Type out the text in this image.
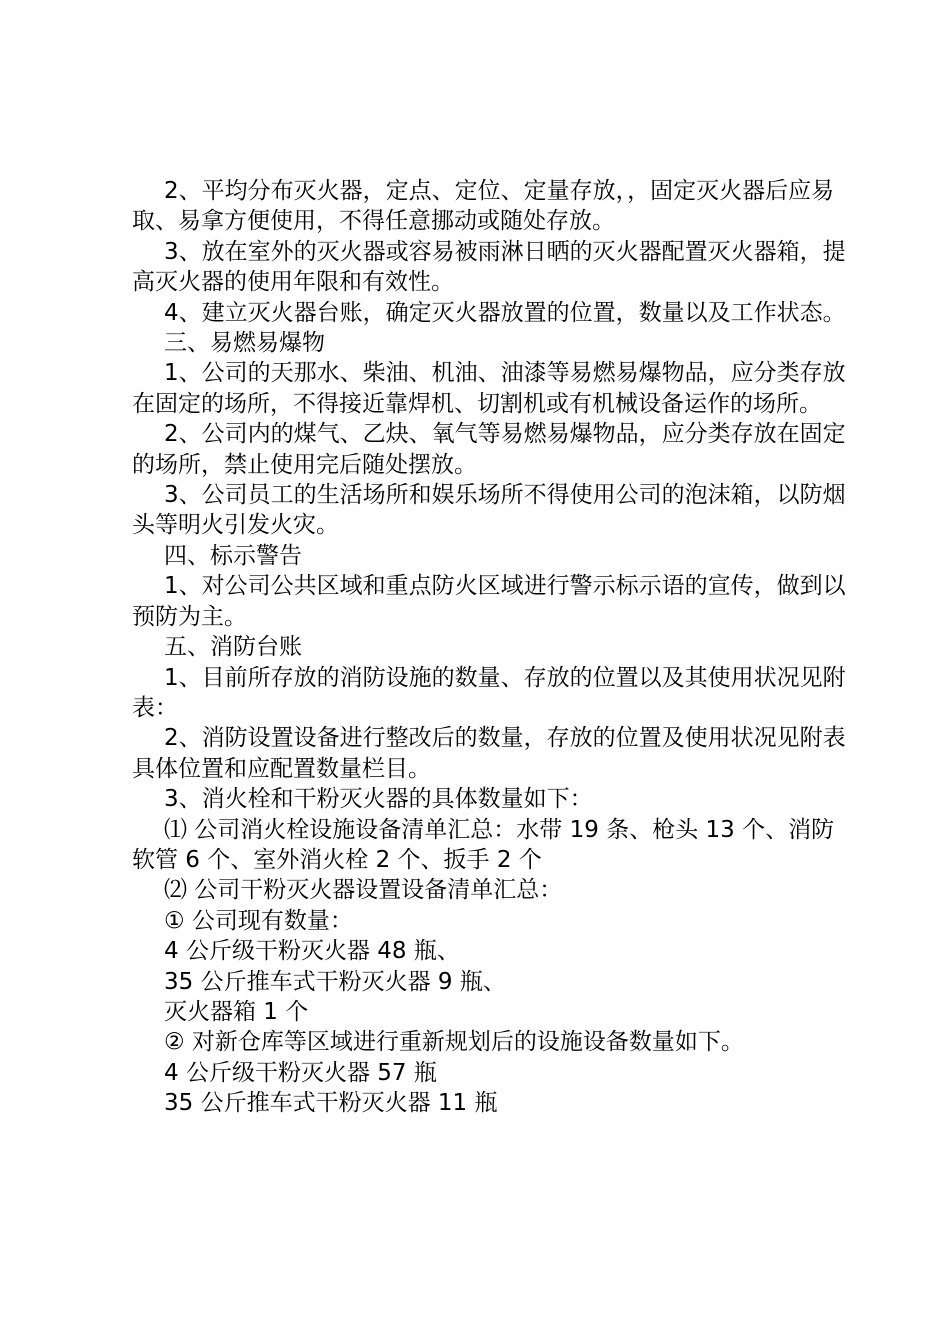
2、平均分布灭火器，定点、定位、定量存放，，固定灭火器后应易取、易拿方便使用，不得任意挪动或随处存放。

3、放在室外的灭火器或容易被雨淋日晒的灭火器配置灭火器箱，提高灭火器的使用年限和有效性。

4、建立灭火器台账，确定灭火器放置的位置，数量以及工作状态。

三、易燃易爆物

1、公司的天那水、柴油、机油、油漆等易燃易爆物品，应分类存放在固定的场所，不得接近靠焊机、切割机或有机械设备运作的场所。

2、公司内的煤气、乙炔、氧气等易燃易爆物品，应分类存放在固定的场所，禁止使用完后随处摆放。

3、公司员工的生活场所和娱乐场所不得使用公司的泡沫箱，以防烟头等明火引发火灾。

四、标示警告

1、对公司公共区域和重点防火区域进行警示标示语的宣传，做到以预防为主。

五、消防台账

1、目前所存放的消防设施的数量、存放的位置以及其使用状况见附表：

2、消防设置设备进行整改后的数量，存放的位置及使用状况见附表具体位置和应配置数量栏目。

3、消火栓和干粉灭火器的具体数量如下：

⑴ 公司消火栓设施设备清单汇总：水带 19 条、枪头 13 个、消防软管 6 个、室外消火栓 2 个、扳手 2 个

⑵ 公司干粉灭火器设置设备清单汇总：

① 公司现有数量：

4 公斤级干粉灭火器 48 瓶、

35 公斤推车式干粉灭火器 9 瓶、

灭火器箱 1 个

② 对新仓库等区域进行重新规划后的设施设备数量如下。

4 公斤级干粉灭火器 57 瓶

35 公斤推车式干粉灭火器 11 瓶
